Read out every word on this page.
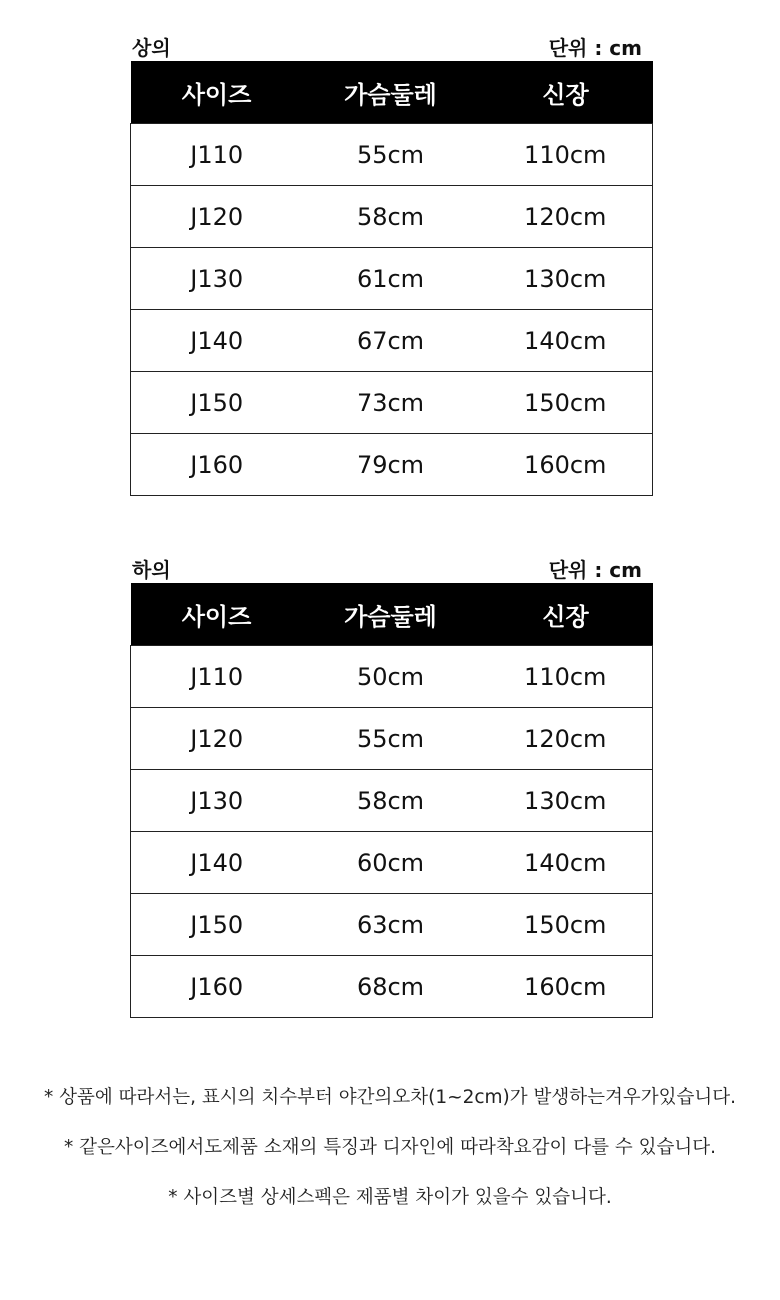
상의	단위 : cm
사이즈	가슴둘레	신장
J110	55cm	110cm
J120	58cm	120cm
J130	61cm	130cm
J140	67cm	140cm
J150	73cm	150cm
J160	79cm	160cm
하의	단위 : cm
사이즈	가슴둘레	신장
J110	50cm	110cm
J120	55cm	120cm
J130	58cm	130cm
J140	60cm	140cm
J150	63cm	150cm
J160	68cm	160cm
* 상품에 따라서는, 표시의 치수부터 야간의오차(1~2cm)가 발생하는겨우가있습니다.
* 같은사이즈에서도제품 소재의 특징과 디자인에 따라착요감이 다를 수 있습니다.
* 사이즈별 상세스펙은 제품별 차이가 있을수 있습니다.
